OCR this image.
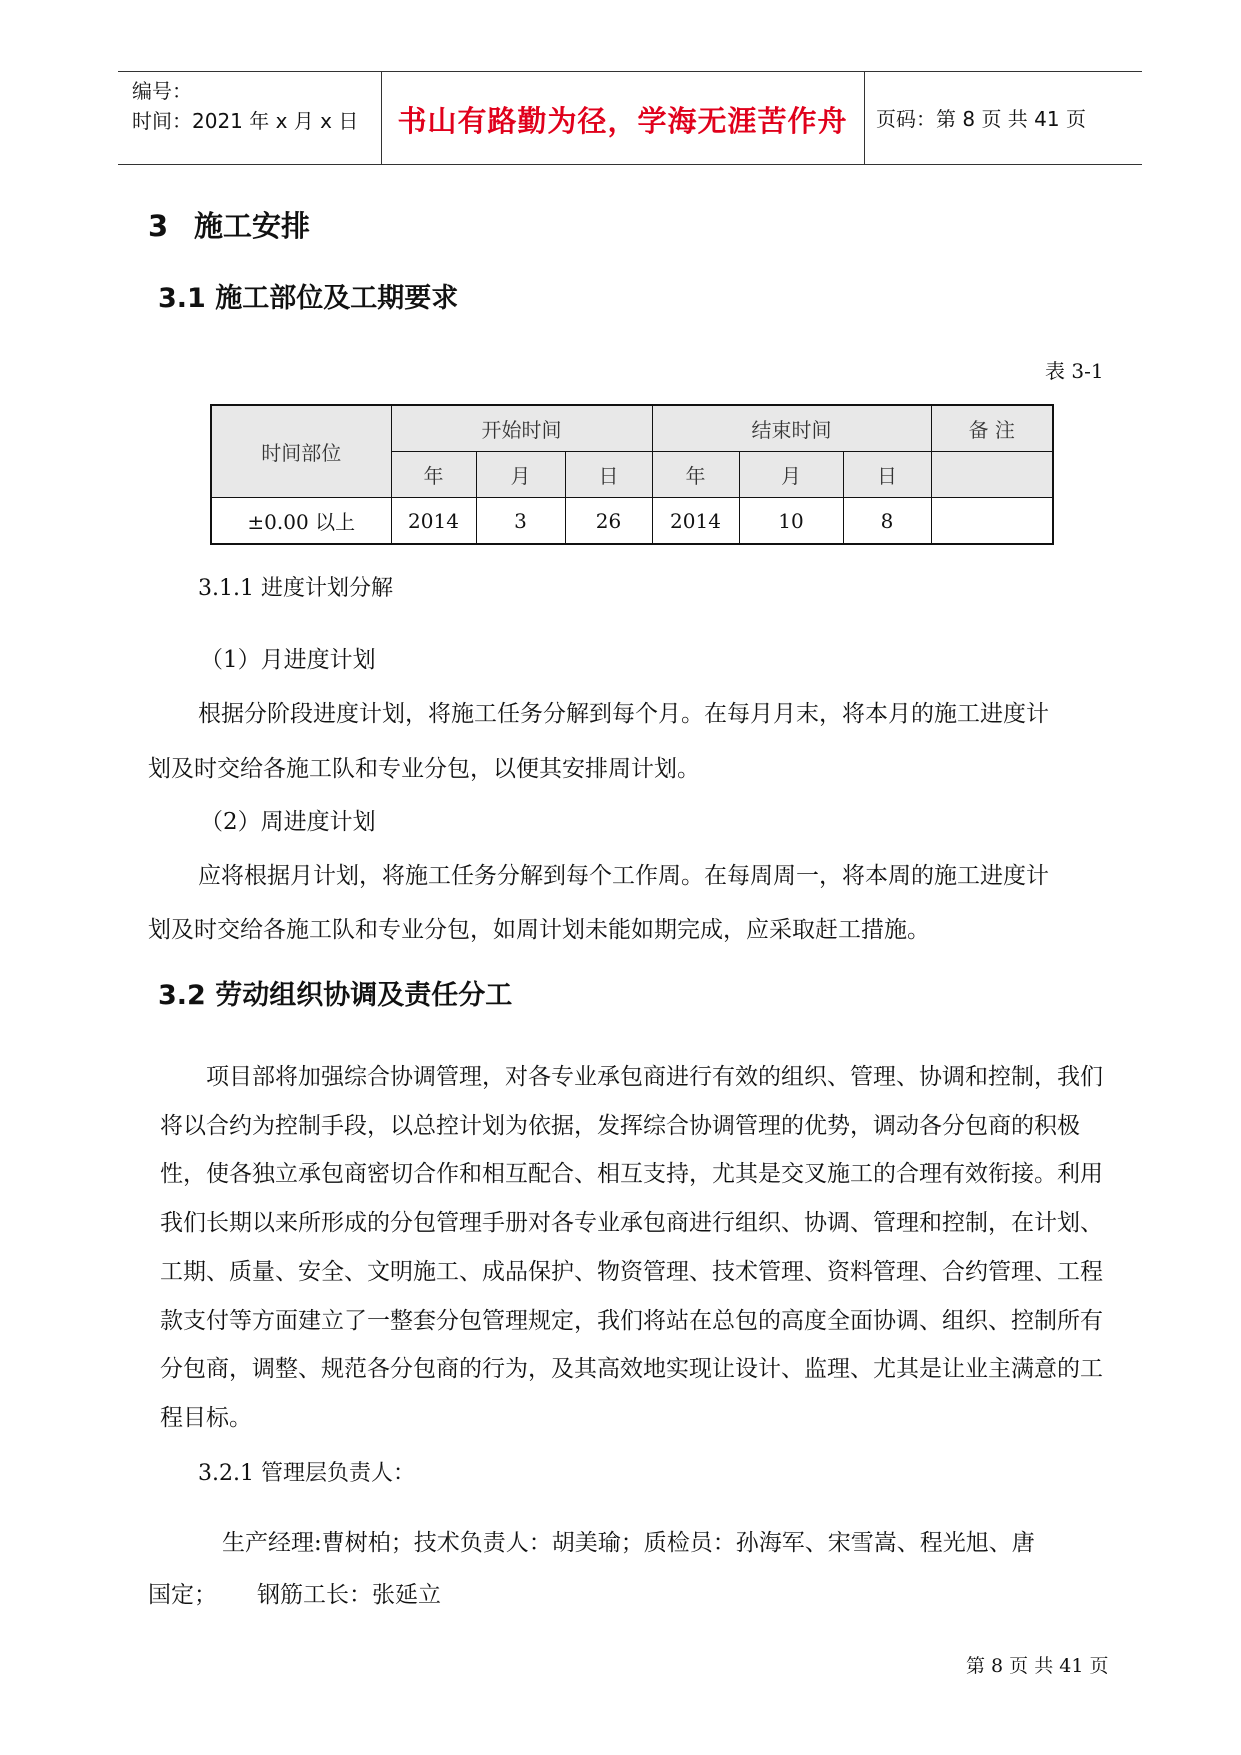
编号：
时间：2021 年 x 月 x 日	书山有路勤为径，学海无涯苦作舟	页码：第 8 页 共 41 页
3 施工安排
3.1 施工部位及工期要求
表 3-1
时间部位	开始时间			结束时间			备 注
	年	月	日	年	月	日	
±0.00 以上	2014	3	26	2014	10	8	
3.1.1 进度计划分解
（1）月进度计划
根据分阶段进度计划，将施工任务分解到每个月。在每月月末，将本月的施工进度计
划及时交给各施工队和专业分包，以便其安排周计划。
（2）周进度计划
应将根据月计划，将施工任务分解到每个工作周。在每周周一，将本周的施工进度计
划及时交给各施工队和专业分包，如周计划未能如期完成，应采取赶工措施。
3.2 劳动组织协调及责任分工
项目部将加强综合协调管理，对各专业承包商进行有效的组织、管理、协调和控制，我们将以合约为控制手段，以总控计划为依据，发挥综合协调管理的优势，调动各分包商的积极性，使各独立承包商密切合作和相互配合、相互支持，尤其是交叉施工的合理有效衔接。利用我们长期以来所形成的分包管理手册对各专业承包商进行组织、协调、管理和控制，在计划、工期、质量、安全、文明施工、成品保护、物资管理、技术管理、资料管理、合约管理、工程款支付等方面建立了一整套分包管理规定，我们将站在总包的高度全面协调、组织、控制所有分包商，调整、规范各分包商的行为，及其高效地实现让设计、监理、尤其是让业主满意的工程目标。
3.2.1 管理层负责人：
生产经理:曹树柏；技术负责人：胡美瑜；质检员：孙海军、宋雪嵩、程光旭、唐
国定； 钢筋工长：张延立
第 8 页 共 41 页
